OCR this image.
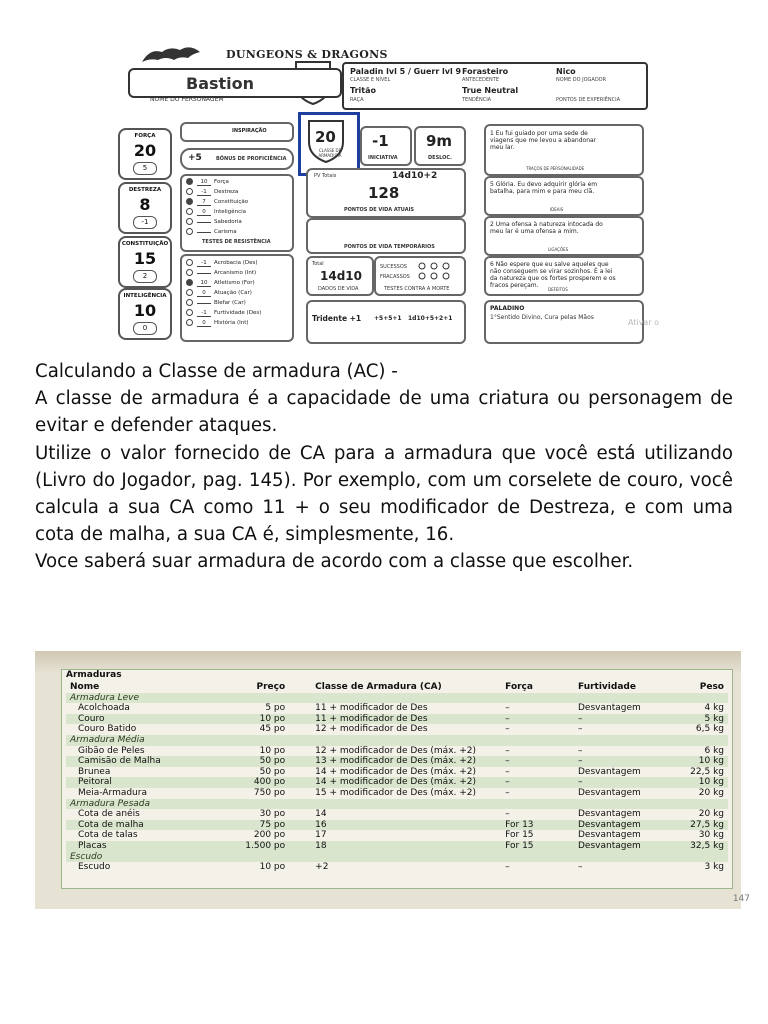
DUNGEONS & DRAGONS
Bastion
NOME DO PERSONAGEM
Paladin lvl 5 / Guerr lvl 9
CLASSE E NÍVEL
Forasteiro
ANTECEDENTE
Nico
NOME DO JOGADOR
Tritão
RAÇA
True Neutral
TENDÊNCIA	PONTOS DE EXPERIÊNCIA
FORÇA
20
5
DESTREZA
8
-1
CONSTITUIÇÃO
15
2
INTELIGÊNCIA
10
0
INSPIRAÇÃO
+5	BÔNUS DE PROFICIÊNCIA
10 Força
-1 Destreza
7 Constituição
0 Inteligência
Sabedoria
Carisma
TESTES DE RESISTÊNCIA
-1 Acrobacia (Des)
Arcanismo (Int)
10 Atletismo (For)
0 Atuação (Car)
Blefar (Car)
-1 Furtividade (Des)
0 História (Int)
20
CLASSE DE ARMADURA
-1
INICIATIVA
9m
DESLOC.
PV Totais	14d10+2
128
PONTOS DE VIDA ATUAIS
PONTOS DE VIDA TEMPORÁRIOS
Total
14d10
DADOS DE VIDA
SUCESSOS
FRACASSOS
TESTES CONTRA A MORTE
Tridente +1 +5+5+1 1d10+5+2+1
1 Eu fui guiado por uma sede de viagens que me levou a abandonar meu lar.
TRAÇOS DE PERSONALIDADE
5 Glória. Eu devo adquirir glória em batalha, para mim e para meu clã.
IDEAIS
2 Uma ofensa à natureza intocada do meu lar é uma ofensa a mim.
LIGAÇÕES
6 Não espere que eu salve aqueles que não conseguem se virar sozinhos. É a lei da natureza que os fortes prosperem e os fracos pereçam.
DEFEITOS
PALADINO
1°Sentido Divino, Cura pelas Mãos
Ativar o

Calculando a Classe de armadura (AC) -

A classe de armadura é a capacidade de uma criatura ou personagem de evitar e defender ataques.

Utilize o valor fornecido de CA para a armadura que você está utilizando (Livro do Jogador, pag. 145). Por exemplo, com um corselete de couro, você calcula a sua CA como 11 + o seu modificador de Destreza, e com uma cota de malha, a sua CA é, simplesmente, 16.

Voce saberá suar armadura de acordo com a classe que escolher.

Armaduras
Nome	Preço	Classe de Armadura (CA)	Força	Furtividade	Peso
Armadura Leve					
Acolchoada	5 po	11 + modificador de Des	–	Desvantagem	4 kg
Couro	10 po	11 + modificador de Des	–	–	5 kg
Couro Batido	45 po	12 + modificador de Des	–	–	6,5 kg
Armadura Média					
Gibão de Peles	10 po	12 + modificador de Des (máx. +2)	–	–	6 kg
Camisão de Malha	50 po	13 + modificador de Des (máx. +2)	–	–	10 kg
Brunea	50 po	14 + modificador de Des (máx. +2)	–	Desvantagem	22,5 kg
Peitoral	400 po	14 + modificador de Des (máx. +2)	–	–	10 kg
Meia-Armadura	750 po	15 + modificador de Des (máx. +2)	–	Desvantagem	20 kg
Armadura Pesada					
Cota de anéis	30 po	14	–	Desvantagem	20 kg
Cota de malha	75 po	16	For 13	Desvantagem	27,5 kg
Cota de talas	200 po	17	For 15	Desvantagem	30 kg
Placas	1.500 po	18	For 15	Desvantagem	32,5 kg
Escudo					
Escudo	10 po	+2	–	–	3 kg
147
